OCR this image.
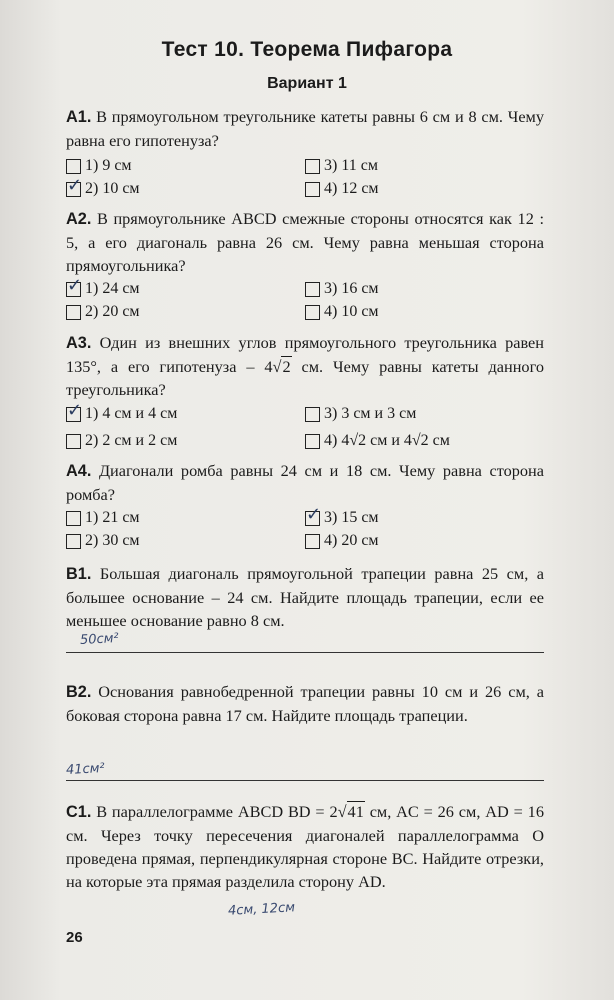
Тест 10. Теорема Пифагора
Вариант 1
A1. В прямоугольном треугольнике катеты равны 6 см и 8 см. Чему равна его гипотенуза?
1) 9 см
✓
2) 10 см
3) 11 см
4) 12 см
A2. В прямоугольнике ABCD смежные стороны относятся как 12 : 5, а его диагональ равна 26 см. Чему равна меньшая сторона прямоугольника?
✓
1) 24 см
2) 20 см
3) 16 см
4) 10 см
A3. Один из внешних углов прямоугольного треугольника равен 135°, а его гипотенуза – 4√2 см. Чему равны катеты данного треугольника?
✓
1) 4 см и 4 см
2) 2 см и 2 см
3) 3 см и 3 см
4) 4√2 см и 4√2 см
A4. Диагонали ромба равны 24 см и 18 см. Чему равна сторона ромба?
1) 21 см
2) 30 см
✓
3) 15 см
4) 20 см
B1. Большая диагональ прямоугольной трапеции равна 25 см, а большее основание – 24 см. Найдите площадь трапеции, если ее меньшее основание равно 8 см.
50см²
B2. Основания равнобедренной трапеции равны 10 см и 26 см, а боковая сторона равна 17 см. Найдите площадь трапеции.
41см²
C1. В параллелограмме ABCD BD = 2√41 см, AC = 26 см, AD = 16 см. Через точку пересечения диагоналей параллелограмма O проведена прямая, перпендикулярная стороне BC. Найдите отрезки, на которые эта прямая разделила сторону AD.
4см, 12см
26
